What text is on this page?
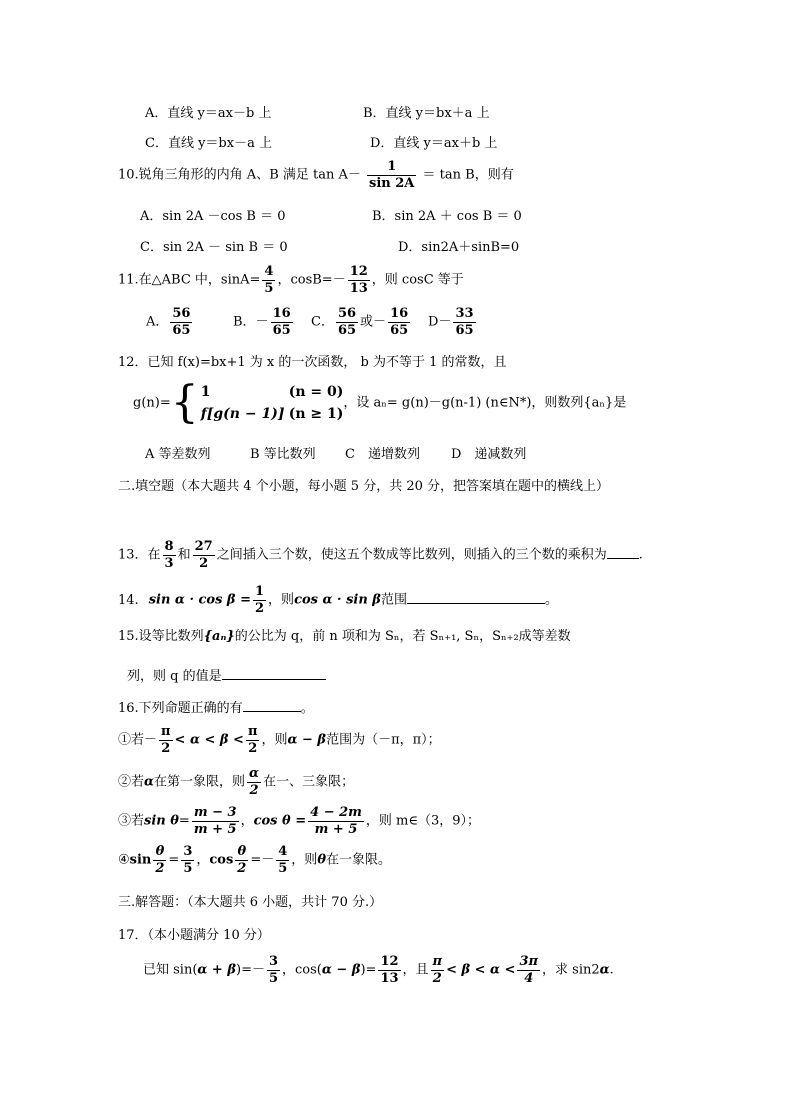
A．直线 y＝ax－b 上	B．直线 y＝bx＋a 上
C．直线 y＝bx－a 上	D．直线 y＝ax＋b 上
10.锐角三角形的内角 A、B 满足 $\tan A- \frac{1}{\sin 2A} = \tan B$，则有
A．sin 2A －cos B ＝ 0	B．sin 2A ＋ cos B ＝ 0
C．sin 2A － sin B ＝ 0	D．sin2A＋sinB=0
11.在△ABC 中，$\sin A= \frac{4}{5}$ ，$\cos B=- \frac{12}{13}$ ，则 cosC 等于
A． $\frac{56}{65}$	B．－ $\frac{16}{65}$ C． $\frac{56}{65}$ 或－ $\frac{16}{65} D- \frac{33}{65}$
12．已知 f(x)=bx+1 为 x 的一次函数， b 为不等于 1 的常数，且
g(n)={ 1	(n = 0)
f[g(n − 1)] (n ≥ 1)
，设 aₙ= g(n)－g(n-1) (n∈N*)，则数列{aₙ}是
A 等差数列	B 等比数列 C　递增数列 D　递减数列
二.填空题（本大题共 4 个小题，每小题 5 分，共 20 分，把答案填在题中的横线上）
13．在 $\frac{8}{3}$ 和 $\frac{27}{2}$ 之间插入三个数，使这五个数成等比数列，则插入的三个数的乘积为 .
14. $\sin \alpha \cdot \cos \beta = \frac{1}{2}$ ，则cos α · sin β范围	。
15.设等比数列{aₙ}的公比为 q，前 n 项和为 Sₙ，若 Sₙ₊₁, Sₙ，Sₙ₊₂成等差数
列，则 q 的值是
16.下列命题正确的有	。
①若－ $\frac{\pi}{2} < \alpha < \beta < \frac{\pi}{2}$ ，则α − β范围为（－π，π）；
②若α在第一象限，则 $\frac{\alpha}{2}$ 在一、三象限；
③若$\sin \theta= \frac{m - 3}{m + 5}$ ，$\cos \theta = \frac{4 - 2m}{m + 5}$ ，则 m∈（3，9）；
④sin $\frac{\theta}{2} = \frac{3}{5}$ ，$\cos \frac{\theta}{2} =- \frac{4}{5}$ ，则θ在一象限。
三.解答题：（本大题共 6 小题，共计 70 分.）
17．（本小题满分 10 分）
已知 $\sin(\alpha + \beta)=- \frac{3}{5}$ ，$\cos(\alpha - \beta)= \frac{12}{13}$ ，且 $\frac{\pi}{2} < \beta < \alpha < \frac{3\pi}{4}$ ，求 sin2α.
